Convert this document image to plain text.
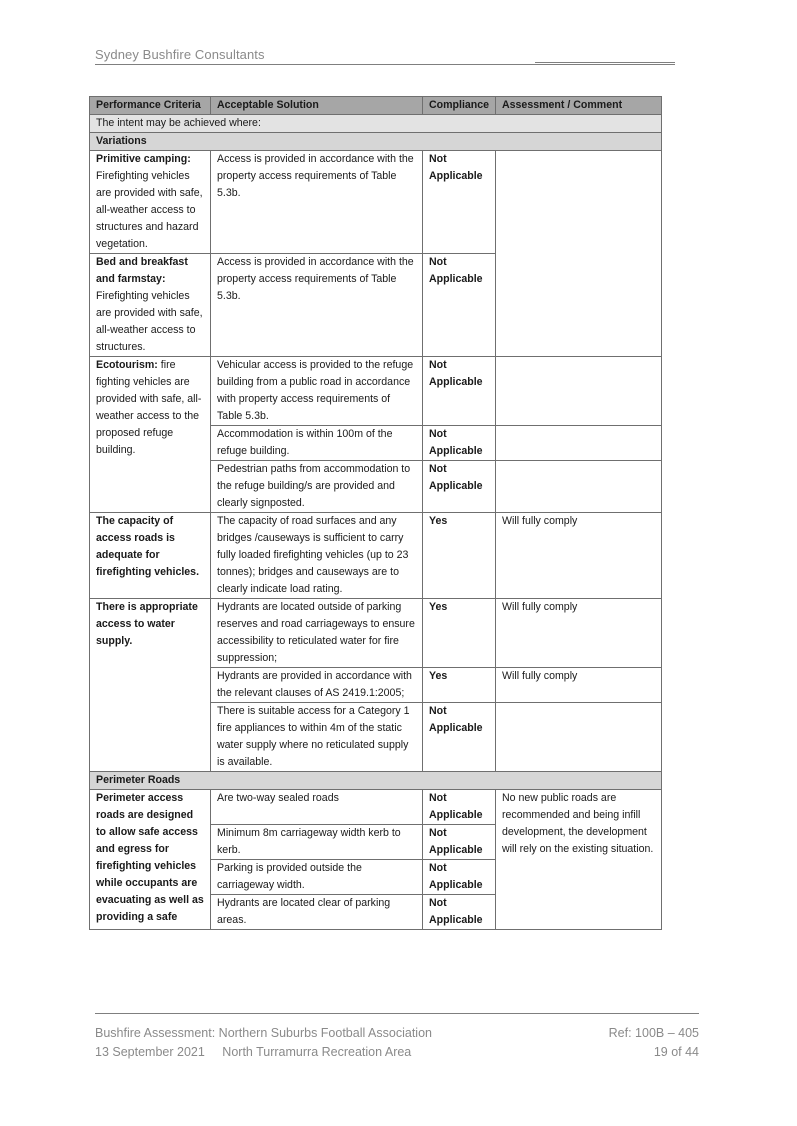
Sydney Bushfire Consultants
Performance Criteria	Acceptable Solution	Compliance	Assessment / Comment
The intent may be achieved where:			
Variations			
Primitive camping: Firefighting vehicles are provided with safe, all-weather access to structures and hazard vegetation.	Access is provided in accordance with the property access requirements of Table 5.3b.	Not Applicable	
Bed and breakfast and farmstay: Firefighting vehicles are provided with safe, all-weather access to structures.	Access is provided in accordance with the property access requirements of Table 5.3b.	Not Applicable	
Ecotourism: fire fighting vehicles are provided with safe, all-weather access to the proposed refuge building.	Vehicular access is provided to the refuge building from a public road in accordance with property access requirements of Table 5.3b.	Not Applicable	
	Accommodation is within 100m of the refuge building.	Not Applicable	
	Pedestrian paths from accommodation to the refuge building/s are provided and clearly signposted.	Not Applicable	
The capacity of access roads is adequate for firefighting vehicles.	The capacity of road surfaces and any bridges /causeways is sufficient to carry fully loaded firefighting vehicles (up to 23 tonnes); bridges and causeways are to clearly indicate load rating.	Yes	Will fully comply
There is appropriate access to water supply.	Hydrants are located outside of parking reserves and road carriageways to ensure accessibility to reticulated water for fire suppression;	Yes	Will fully comply
	Hydrants are provided in accordance with the relevant clauses of AS 2419.1:2005;	Yes	Will fully comply
	There is suitable access for a Category 1 fire appliances to within 4m of the static water supply where no reticulated supply is available.	Not Applicable	
Perimeter Roads			
Perimeter access roads are designed to allow safe access and egress for firefighting vehicles while occupants are evacuating as well as providing a safe	Are two-way sealed roads	Not Applicable	No new public roads are recommended and being infill development, the development will rely on the existing situation.
	Minimum 8m carriageway width kerb to kerb.	Not Applicable	
	Parking is provided outside the carriageway width.	Not Applicable	
	Hydrants are located clear of parking areas.	Not Applicable	
Bushfire Assessment: Northern Suburbs Football Association	Ref: 100B – 405
13 September 2021 North Turramurra Recreation Area	19 of 44
